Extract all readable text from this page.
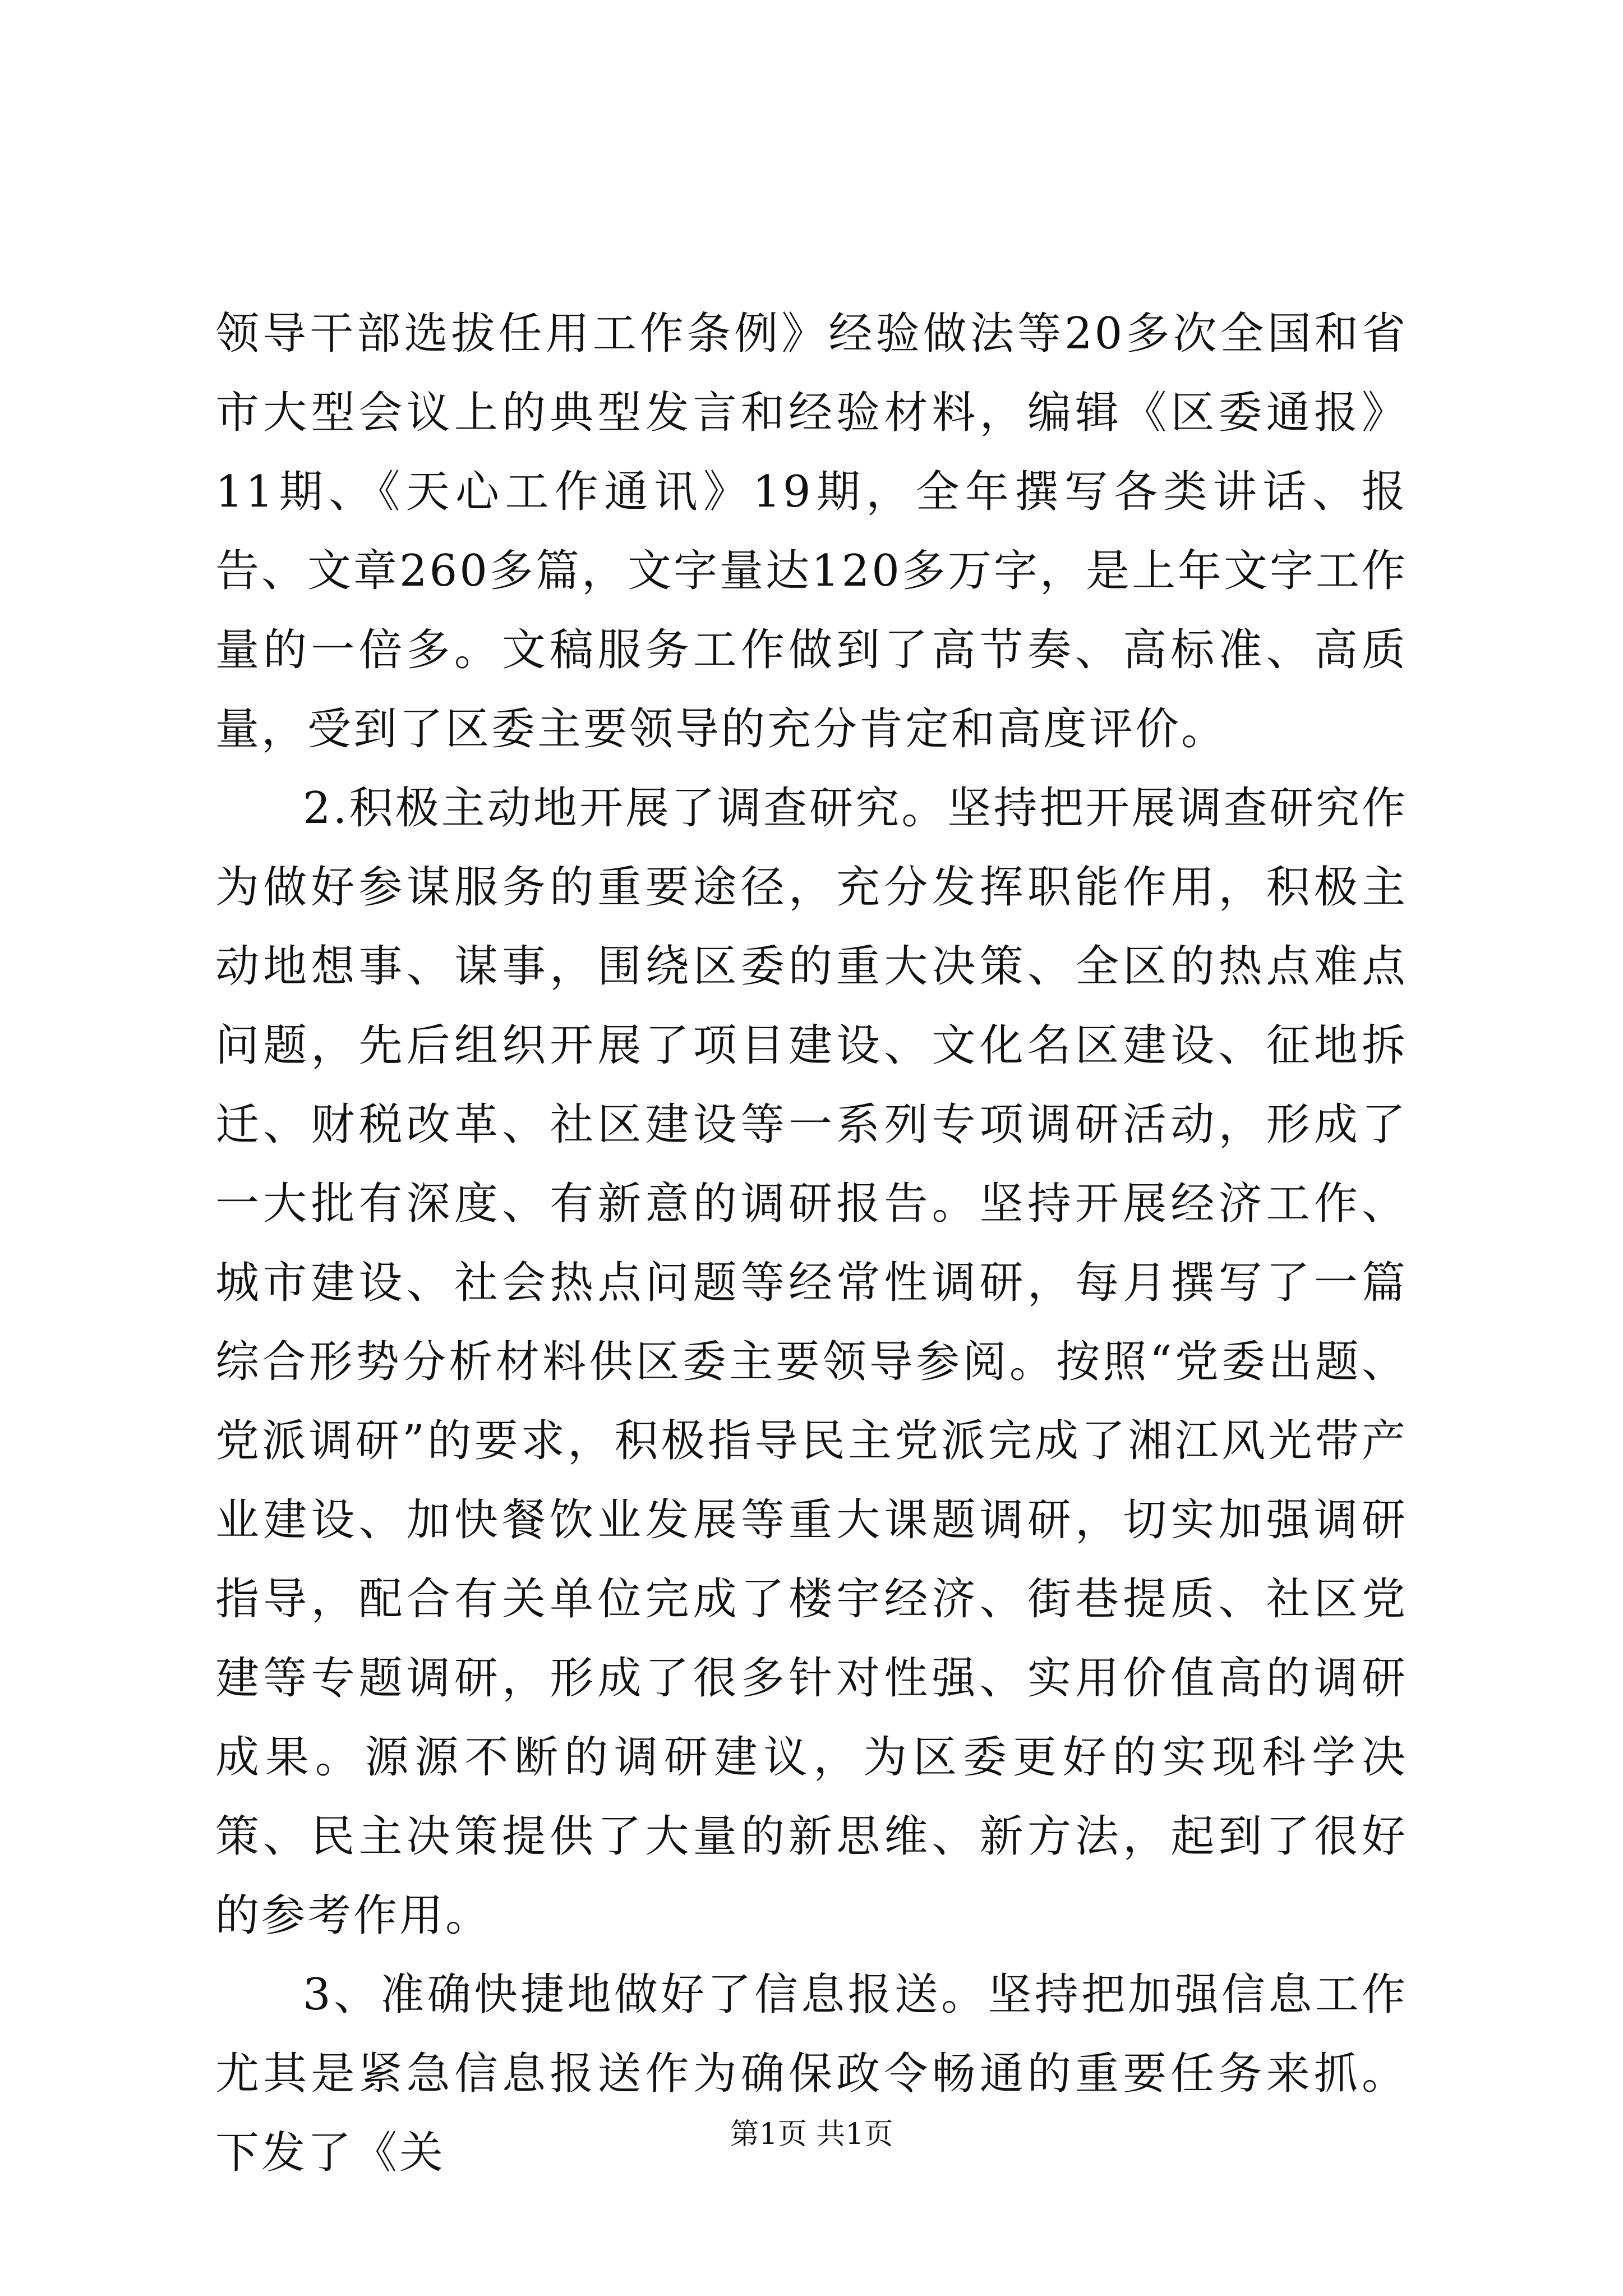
领导干部选拔任用工作条例》经验做法等20多次全国和省市大型会议上的典型发言和经验材料，编辑《区委通报》11期、《天心工作通讯》19期，全年撰写各类讲话、报告、文章260多篇，文字量达120多万字，是上年文字工作量的一倍多。文稿服务工作做到了高节奏、高标准、高质量，受到了区委主要领导的充分肯定和高度评价。

2.积极主动地开展了调查研究。坚持把开展调查研究作为做好参谋服务的重要途径，充分发挥职能作用，积极主动地想事、谋事，围绕区委的重大决策、全区的热点难点问题，先后组织开展了项目建设、文化名区建设、征地拆迁、财税改革、社区建设等一系列专项调研活动，形成了一大批有深度、有新意的调研报告。坚持开展经济工作、城市建设、社会热点问题等经常性调研，每月撰写了一篇综合形势分析材料供区委主要领导参阅。按照“党委出题、党派调研”的要求，积极指导民主党派完成了湘江风光带产业建设、加快餐饮业发展等重大课题调研，切实加强调研指导，配合有关单位完成了楼宇经济、街巷提质、社区党建等专题调研，形成了很多针对性强、实用价值高的调研成果。源源不断的调研建议，为区委更好的实现科学决策、民主决策提供了大量的新思维、新方法，起到了很好的参考作用。

3、准确快捷地做好了信息报送。坚持把加强信息工作尤其是紧急信息报送作为确保政令畅通的重要任务来抓。下发了《关	第1页 共1页
